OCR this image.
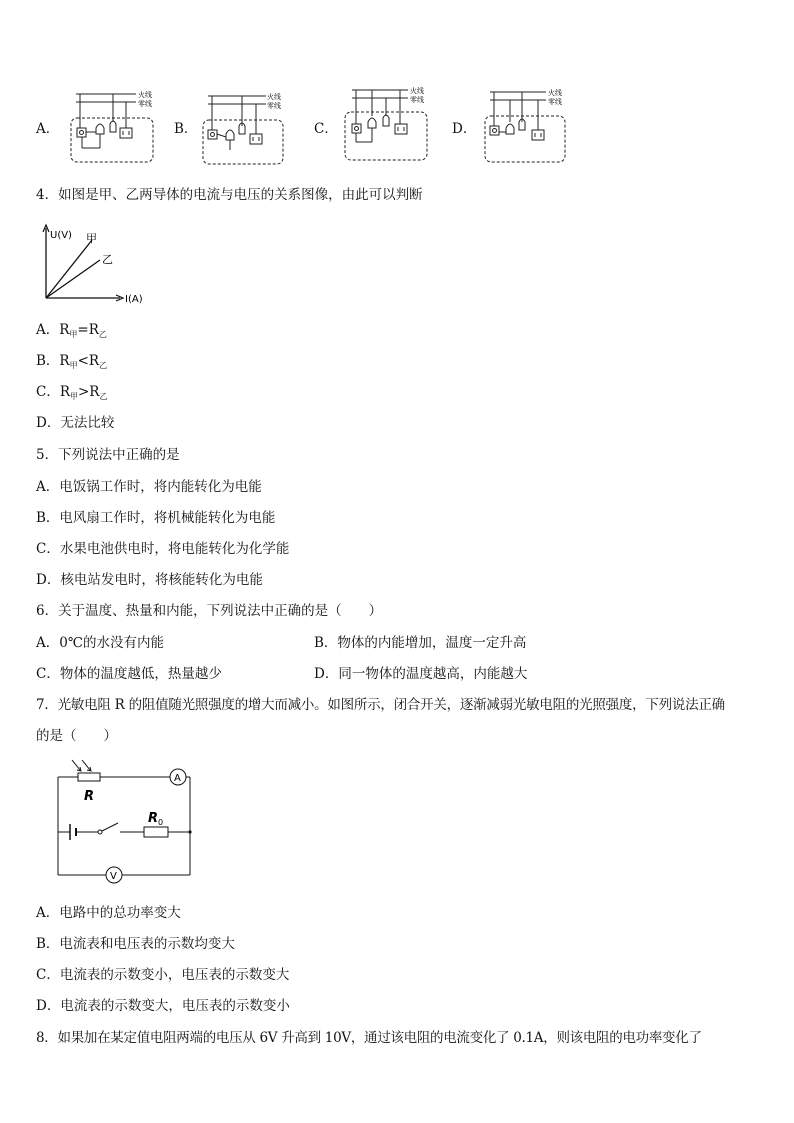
A．	B．	C．	D．
火线
零线
火线
零线
火线
零线
火线
零线
4．如图是甲、乙两导体的电流与电压的关系图像，由此可以判断
U(V)
I(A)
甲
乙
A．$R_甲=R_乙$
B．$R_甲<R_乙$
C．$R_甲>R_乙$
D．无法比较
5．下列说法中正确的是
A．电饭锅工作时，将内能转化为电能
B．电风扇工作时，将机械能转化为电能
C．水果电池供电时，将电能转化为化学能
D．核电站发电时，将核能转化为电能
6．关于温度、热量和内能，下列说法中正确的是（　　）
A．0℃的水没有内能	B．物体的内能增加，温度一定升高
C．物体的温度越低，热量越少	D．同一物体的温度越高，内能越大
7．光敏电阻 R 的阻值随光照强度的增大而减小。如图所示，闭合开关，逐渐减弱光敏电阻的光照强度，下列说法正确
的是（　　）
A
R
R 0
V
A．电路中的总功率变大
B．电流表和电压表的示数均变大
C．电流表的示数变小，电压表的示数变大
D．电流表的示数变大，电压表的示数变小
8．如果加在某定值电阻两端的电压从 6V 升高到 10V，通过该电阻的电流变化了 0.1A，则该电阻的电功率变化了
